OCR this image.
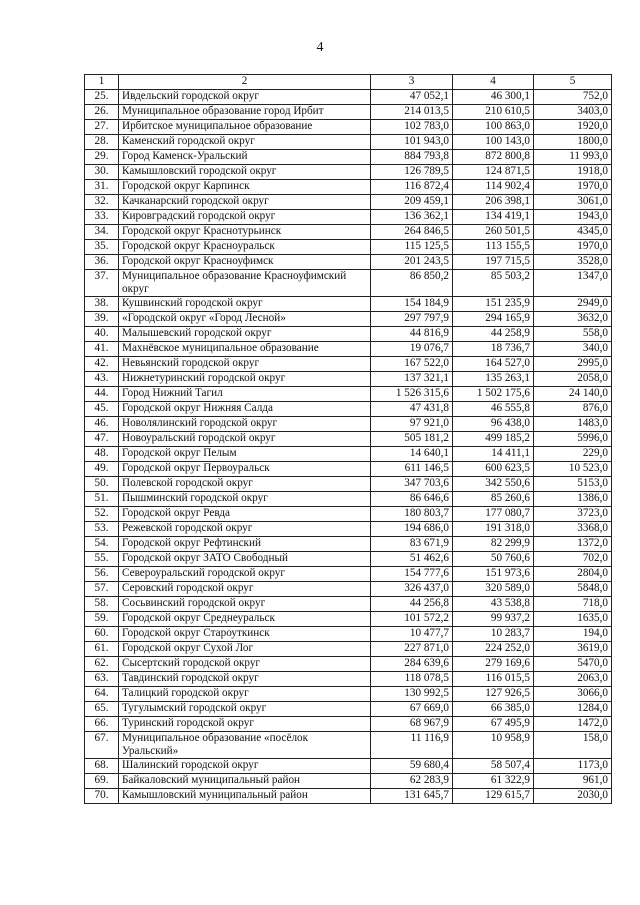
4
1	2	3	4	5
25.	Ивдельский городской округ	47 052,1	46 300,1	752,0
26.	Муниципальное образование город Ирбит	214 013,5	210 610,5	3403,0
27.	Ирбитское муниципальное образование	102 783,0	100 863,0	1920,0
28.	Каменский городской округ	101 943,0	100 143,0	1800,0
29.	Город Каменск-Уральский	884 793,8	872 800,8	11 993,0
30.	Камышловский городской округ	126 789,5	124 871,5	1918,0
31.	Городской округ Карпинск	116 872,4	114 902,4	1970,0
32.	Качканарский городской округ	209 459,1	206 398,1	3061,0
33.	Кировградский городской округ	136 362,1	134 419,1	1943,0
34.	Городской округ Краснотурьинск	264 846,5	260 501,5	4345,0
35.	Городской округ Красноуральск	115 125,5	113 155,5	1970,0
36.	Городской округ Красноуфимск	201 243,5	197 715,5	3528,0
37.	Муниципальное образование Красноуфимский округ	86 850,2	85 503,2	1347,0
38.	Кушвинский городской округ	154 184,9	151 235,9	2949,0
39.	«Городской округ «Город Лесной»	297 797,9	294 165,9	3632,0
40.	Малышевский городской округ	44 816,9	44 258,9	558,0
41.	Махнёвское муниципальное образование	19 076,7	18 736,7	340,0
42.	Невьянский городской округ	167 522,0	164 527,0	2995,0
43.	Нижнетуринский городской округ	137 321,1	135 263,1	2058,0
44.	Город Нижний Тагил	1 526 315,6	1 502 175,6	24 140,0
45.	Городской округ Нижняя Салда	47 431,8	46 555,8	876,0
46.	Новолялинский городской округ	97 921,0	96 438,0	1483,0
47.	Новоуральский городской округ	505 181,2	499 185,2	5996,0
48.	Городской округ Пелым	14 640,1	14 411,1	229,0
49.	Городской округ Первоуральск	611 146,5	600 623,5	10 523,0
50.	Полевской городской округ	347 703,6	342 550,6	5153,0
51.	Пышминский городской округ	86 646,6	85 260,6	1386,0
52.	Городской округ Ревда	180 803,7	177 080,7	3723,0
53.	Режевской городской округ	194 686,0	191 318,0	3368,0
54.	Городской округ Рефтинский	83 671,9	82 299,9	1372,0
55.	Городской округ ЗАТО Свободный	51 462,6	50 760,6	702,0
56.	Североуральский городской округ	154 777,6	151 973,6	2804,0
57.	Серовский городской округ	326 437,0	320 589,0	5848,0
58.	Сосьвинский городской округ	44 256,8	43 538,8	718,0
59.	Городской округ Среднеуральск	101 572,2	99 937,2	1635,0
60.	Городской округ Староуткинск	10 477,7	10 283,7	194,0
61.	Городской округ Сухой Лог	227 871,0	224 252,0	3619,0
62.	Сысертский городской округ	284 639,6	279 169,6	5470,0
63.	Тавдинский городской округ	118 078,5	116 015,5	2063,0
64.	Талицкий городской округ	130 992,5	127 926,5	3066,0
65.	Тугулымский городской округ	67 669,0	66 385,0	1284,0
66.	Туринский городской округ	68 967,9	67 495,9	1472,0
67.	Муниципальное образование «посёлок Уральский»	11 116,9	10 958,9	158,0
68.	Шалинский городской округ	59 680,4	58 507,4	1173,0
69.	Байкаловский муниципальный район	62 283,9	61 322,9	961,0
70.	Камышловский муниципальный район	131 645,7	129 615,7	2030,0
